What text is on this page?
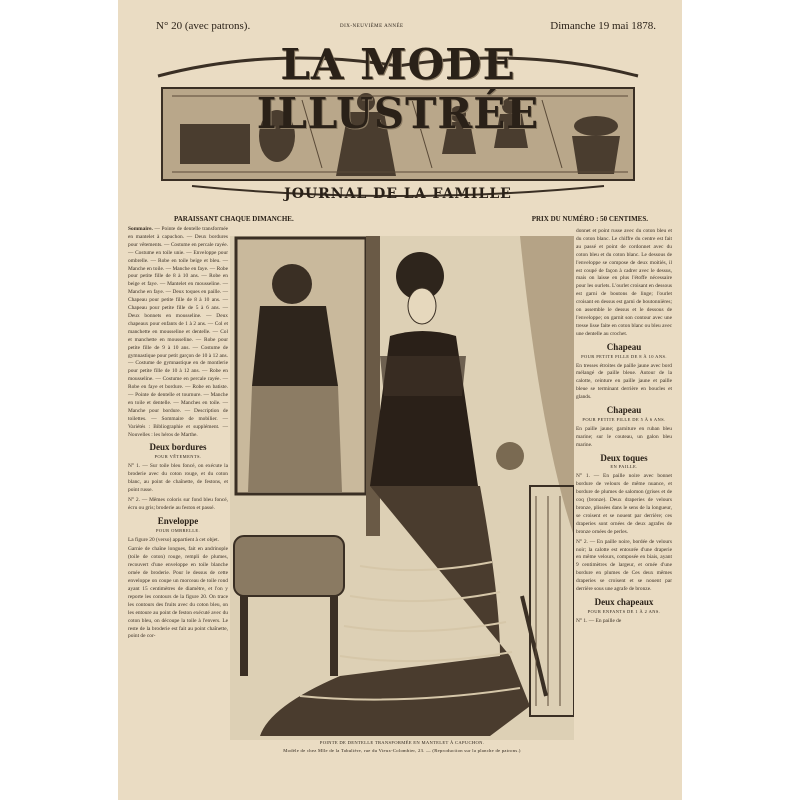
N° 20 (avec patrons).	DIX-NEUVIÈME ANNÉE	Dimanche 19 mai 1878.
LA MODE ILLUSTRÉE
JOURNAL DE LA FAMILLE
PARAISSANT CHAQUE DIMANCHE.	PRIX DU NUMÉRO : 50 CENTIMES.

Sommaire. — Pointe de dentelle transformée en mantelet à capuchon. — Deux bordures pour vêtements. — Costume en percale rayée. — Costume en toile unie. — Enveloppe pour ombrelle. — Robe en toile beige et bleu. — Manche en toile. — Manche en faye. — Robe pour petite fille de 8 à 10 ans. — Robe en beige et faye. — Mantelet en mousseline. — Manche en faye. — Deux toques en paille. — Chapeau pour petite fille de 8 à 10 ans. — Chapeau pour petite fille de 5 à 6 ans. — Deux bonnets en mousseline. — Deux chapeaux pour enfants de 1 à 2 ans. — Col et manchette en mousseline et dentelle. — Col et manchette en mousseline. — Robe pour petite fille de 9 à 10 ans. — Costume de gymnastique pour petit garçon de 10 à 12 ans. — Costume de gymnastique en de montlerie pour petite fille de 10 à 12 ans. — Robe en mousseline. — Costume en percale rayée. — Robe en faye et bordure. — Robe en batiste. — Pointe de dentelle et tournure. — Manche en toile et dentelle. — Manches en toile. — Manche pour bordure. — Description de toilettes. — Sommaire de mobilier. — Variétés : Bibliographie et supplément. — Nouvelles : les héros de Marthe.

Deux bordures
POUR VÊTEMENTS.

N° 1. — Sur toile bleu foncé, on exécute la broderie avec du coton rouge, et du coton blanc, au point de chaînette, de festons, et point russe.

N° 2. — Mêmes coloris sur fond bleu foncé, écru ou gris; broderie au feston et passé.

Enveloppe
POUR OMBRELLE.

La figure 20 (verso) appartient à cet objet.

Garnie de chaîne longues, fait en andrinople (toile de coton) rouge, rempli de plumes, recouvert d'une enveloppe en toile blanche ornée de broderie. Pour le dessus de cette enveloppe on coupe un morceau de toile rond ayant 15 centimètres de diamètre, et l'on y reporte les contours de la figure 20. On trace les contours des fruits avec du coton bleu, on les entoure au point de feston exécuté avec du coton bleu, on découpe la toile à l'envers. Le reste de la broderie est fait au point chaînette, point de cor-

POINTE DE DENTELLE TRANSFORMÉE EN MANTELET À CAPUCHON.
Modèle de chez Mlle de la Tabulière, rue du Vieux-Colombier, 23. — (Reproduction sur la planche de patrons.)

donnet et point russe avec du coton bleu et du coton blanc. Le chiffre du centre est fait au passé et point de cordonnet avec du coton bleu et du coton blanc. Le dessous de l'enveloppe se compose de deux moitiés, il est coupé de façon à cadrer avec le dessus, mais on laisse en plus l'étoffe nécessaire pour les ourlets. L'ourlet croisant en dessous est garni de boutons de linge; l'ourlet croisant en dessus est garni de boutonnières; on assemble le dessus et le dessous de l'enveloppe; on garnit son contour avec une tresse lisse faite en coton blanc ou bleu avec une dentelle au crochet.

Chapeau
POUR PETITE FILLE DE 8 À 10 ANS.

En tresses étroites de paille jaune avec bord mélangé de paille bleue. Autour de la calotte, ceinture en paille jaune et paille bleue se terminant derrière en boucles et glands.

Chapeau
POUR PETITE FILLE DE 5 À 6 ANS.

En paille jaune; garniture en ruban bleu marine; sur le couteau, un galon bleu marine.

Deux toques
EN PAILLE.

N° 1. — En paille noire avec bonnet bordure de velours de même nuance, et bordure de plumes de salomon (grises et de coq (bronze). Deux draperies de velours bronze, plissées dans le sens de la longueur, se croisent et se nouent par derrière; ces draperies sont ornées de deux agrafes de bronze ornées de perles.

N° 2. — En paille noire, bordée de velours noir; la calotte est entourée d'une draperie en même velours, composée en biais, ayant 9 centimètres de largeur, et ornée d'une bordure en plumes de Ces deux mêmes draperies se croisent et se nouent par derrière sous une agrafe de bronze.

Deux chapeaux
POUR ENFANTS DE 1 À 2 ANS.

N° 1. — En paille de
